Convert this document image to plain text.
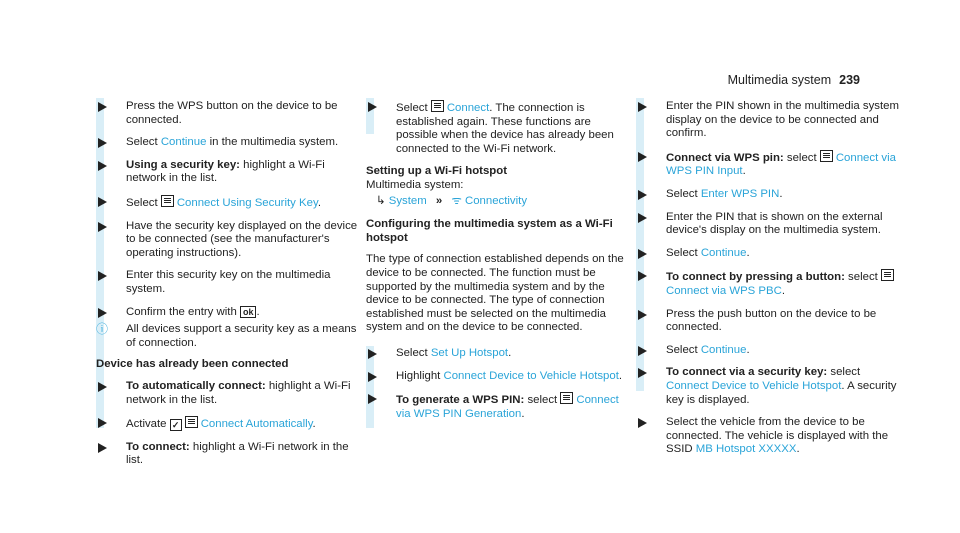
Multimedia system 239
Press the WPS button on the device to be connected.
Select Continue in the multimedia system.
Using a security key: highlight a Wi-Fi network in the list.
Select Connect Using Security Key.
Have the security key displayed on the device to be connected (see the manufacturer's operating instructions).
Enter this security key on the multimedia system.
Confirm the entry with ok .
ⓘ All devices support a security key as a means of connection.
Device has already been connected
To automatically connect: highlight a Wi-Fi network in the list.
Activate ✓ Connect Automatically.
To connect: highlight a Wi-Fi network in the list.
Select Connect. The connection is established again. These functions are possible when the device has already been connected to the Wi-Fi network.
Setting up a Wi-Fi hotspot
Multimedia system:
↳ System » ᯤ Connectivity
Configuring the multimedia system as a Wi-Fi hotspot
The type of connection established depends on the device to be connected. The function must be supported by the multimedia system and by the device to be connected. The type of connection established must be selected on the multimedia system and on the device to be connected.
Select Set Up Hotspot.
Highlight Connect Device to Vehicle Hotspot.
To generate a WPS PIN: select Connect via WPS PIN Generation.
Enter the PIN shown in the multimedia system display on the device to be connected and confirm.
Connect via WPS pin: select Connect via WPS PIN Input.
Select Enter WPS PIN.
Enter the PIN that is shown on the external device's display on the multimedia system.
Select Continue.
To connect by pressing a button: select Connect via WPS PBC.
Press the push button on the device to be connected.
Select Continue.
To connect via a security key: select Connect Device to Vehicle Hotspot. A security key is displayed.
Select the vehicle from the device to be connected. The vehicle is displayed with the SSID MB Hotspot XXXXX.
